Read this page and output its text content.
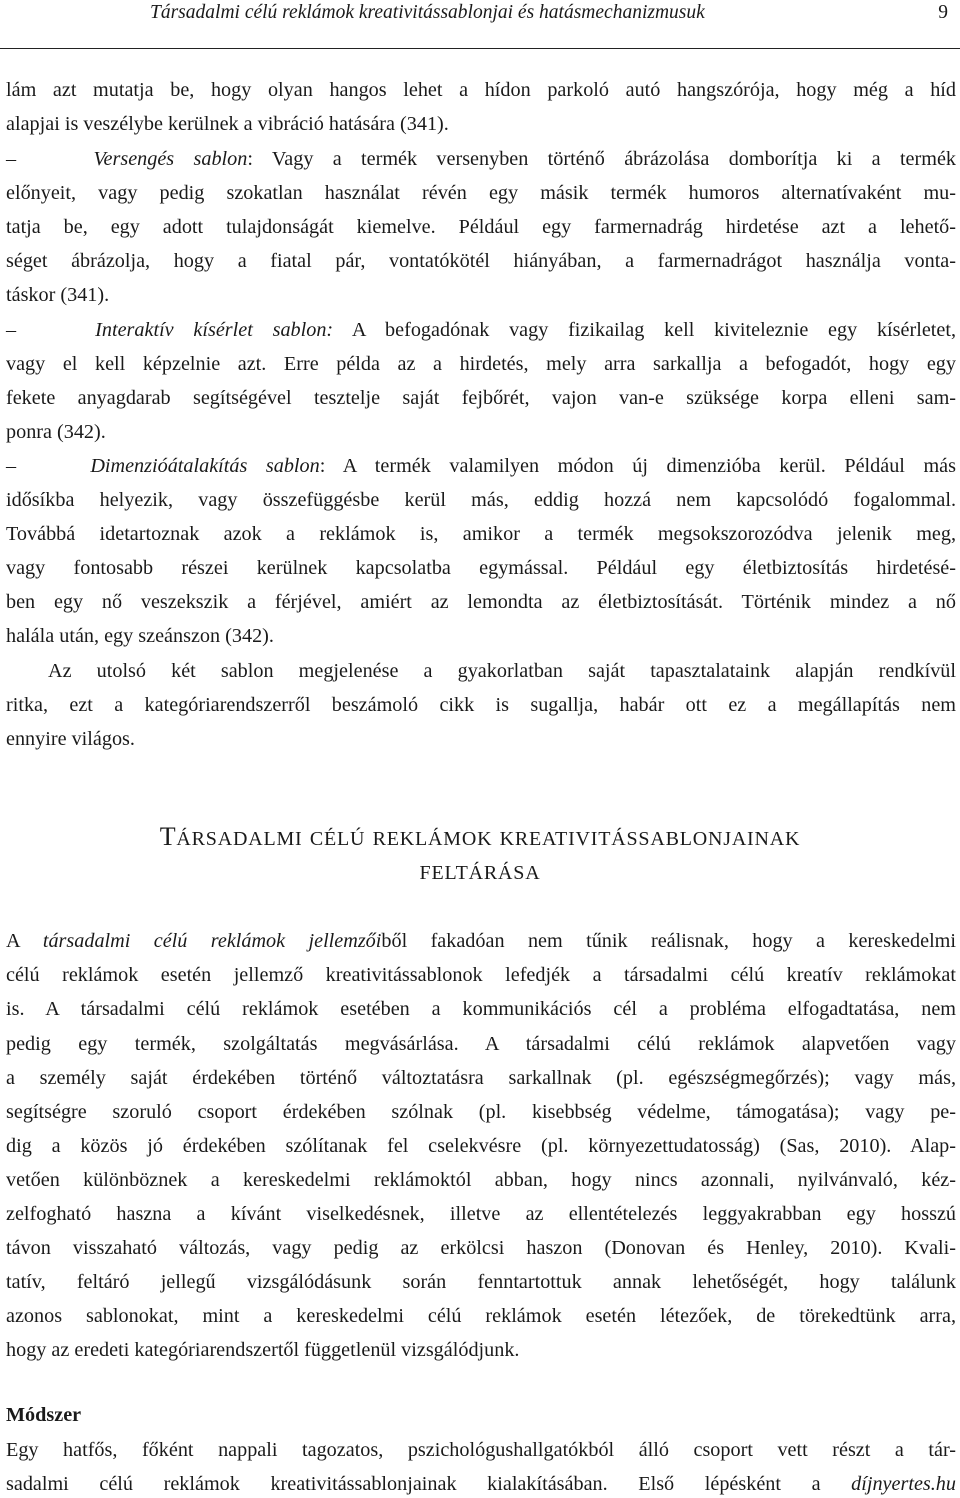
Társadalmi célú reklámok kreativitássablonjai és hatásmechanizmusuk	9
lám azt mutatja be, hogy olyan hangos lehet a hídon parkoló autó hangszórója, hogy még a híd
alapjai is veszélybe kerülnek a vibráció hatására (341).
–	Versengés sablon: Vagy a termék versenyben történő ábrázolása domborítja ki a termék
előnyeit, vagy pedig szokatlan használat révén egy másik termék humoros alternatívaként mu-
tatja be, egy adott tulajdonságát kiemelve. Például egy farmernadrág hirdetése azt a lehető-
séget ábrázolja, hogy a fiatal pár, vontatókötél hiányában, a farmernadrágot használja vonta-
táskor (341).
–	Interaktív kísérlet sablon: A befogadónak vagy fizikailag kell kiviteleznie egy kísérletet,
vagy el kell képzelnie azt. Erre példa az a hirdetés, mely arra sarkallja a befogadót, hogy egy
fekete anyagdarab segítségével tesztelje saját fejbőrét, vajon van-e szüksége korpa elleni sam-
ponra (342).
–	Dimenzióátalakítás sablon: A termék valamilyen módon új dimenzióba kerül. Például más
idősíkba helyezik, vagy összefüggésbe kerül más, eddig hozzá nem kapcsolódó fogalommal.
Továbbá idetartoznak azok a reklámok is, amikor a termék megsokszorozódva jelenik meg,
vagy fontosabb részei kerülnek kapcsolatba egymással. Például egy életbiztosítás hirdetésé-
ben egy nő veszekszik a férjével, amiért az lemondta az életbiztosítását. Történik mindez a nő
halála után, egy szeánszon (342).
Az utolsó két sablon megjelenése a gyakorlatban saját tapasztalataink alapján rendkívül
ritka, ezt a kategóriarendszerről beszámoló cikk is sugallja, habár ott ez a megállapítás nem
ennyire világos.
TÁRSADALMI CÉLÚ REKLÁMOK KREATIVITÁSSABLONJAINAK
FELTÁRÁSA
A társadalmi célú reklámok jellemzőiből fakadóan nem tűnik reálisnak, hogy a kereskedelmi
célú reklámok esetén jellemző kreativitássablonok lefedjék a társadalmi célú kreatív reklámokat
is. A társadalmi célú reklámok esetében a kommunikációs cél a probléma elfogadtatása, nem
pedig egy termék, szolgáltatás megvásárlása. A társadalmi célú reklámok alapvetően vagy
a személy saját érdekében történő változtatásra sarkallnak (pl. egészségmegőrzés); vagy más,
segítségre szoruló csoport érdekében szólnak (pl. kisebbség védelme, támogatása); vagy pe-
dig a közös jó érdekében szólítanak fel cselekvésre (pl. környezettudatosság) (Sas, 2010). Alap-
vetően különböznek a kereskedelmi reklámoktól abban, hogy nincs azonnali, nyilvánvaló, kéz-
zelfogható haszna a kívánt viselkedésnek, illetve az ellentételezés leggyakrabban egy hosszú
távon visszaható változás, vagy pedig az erkölcsi haszon (Donovan és Henley, 2010). Kvali-
tatív, feltáró jellegű vizsgálódásunk során fenntartottuk annak lehetőségét, hogy találunk
azonos sablonokat, mint a kereskedelmi célú reklámok esetén létezőek, de törekedtünk arra,
hogy az eredeti kategóriarendszertől függetlenül vizsgálódjunk.
Módszer
Egy hatfős, főként nappali tagozatos, pszichológushallgatókból álló csoport vett részt a tár-
sadalmi célú reklámok kreativitássablonjainak kialakításában. Első lépésként a díjnyertes.hu
